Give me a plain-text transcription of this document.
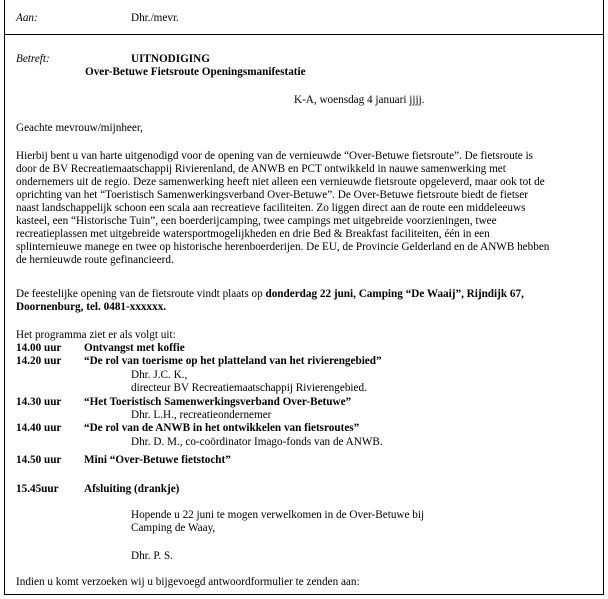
Aan:	Dhr./mevr.
Betreft:	UITNODIGING
Over-Betuwe Fietsroute Openingsmanifestatie
K-A, woensdag 4 januari jjjj.
Geachte mevrouw/mijnheer,

Hierbij bent u van harte uitgenodigd voor de opening van de vernieuwde “Over-Betuwe fietsroute”. De fietsroute is

door de BV Recreatiemaatschappij Rivierenland, de ANWB en PCT ontwikkeld in nauwe samenwerking met

ondernemers uit de regio. Deze samenwerking heeft niet alleen een vernieuwde fietsroute opgeleverd, maar ook tot de

oprichting van het “Toeristisch Samenwerkingsverband Over-Betuwe”. De Over-Betuwe fietsroute biedt de fietser

naast landschappelijk schoon een scala aan recreatieve faciliteiten. Zo liggen direct aan de route een middeleeuws

kasteel, een “Historische Tuin”, een boerderijcamping, twee campings met uitgebreide voorzieningen, twee

recreatieplassen met uitgebreide watersportmogelijkheden en drie Bed & Breakfast faciliteiten, één in een

splinternieuwe manege en twee op historische herenboerderijen. De EU, de Provincie Gelderland en de ANWB hebben

de hernieuwde route gefinancieerd.

De feestelijke opening van de fietsroute vindt plaats op donderdag 22 juni, Camping “De Waaij”, Rijndijk 67,

Doornenburg, tel. 0481-xxxxxx.

Het programma ziet er als volgt uit:
14.00 uur Ontvangst met koffie
14.20 uur “De rol van toerisme op het platteland van het rivierengebied”
Dhr. J.C. K.,
directeur BV Recreatiemaatschappij Rivierengebied.
14.30 uur “Het Toeristisch Samenwerkingsverband Over-Betuwe”
Dhr. L.H., recreatieondernemer
14.40 uur “De rol van de ANWB in het ontwikkelen van fietsroutes”
Dhr. D. M., co-coördinator Imago-fonds van de ANWB.
14.50 uur Mini “Over-Betuwe fietstocht”
15.45uur Afsluiting (drankje)
Hopende u 22 juni te mogen verwelkomen in de Over-Betuwe bij
Camping de Waay,
Dhr. P. S.
Indien u komt verzoeken wij u bijgevoegd antwoordformulier te zenden aan:
